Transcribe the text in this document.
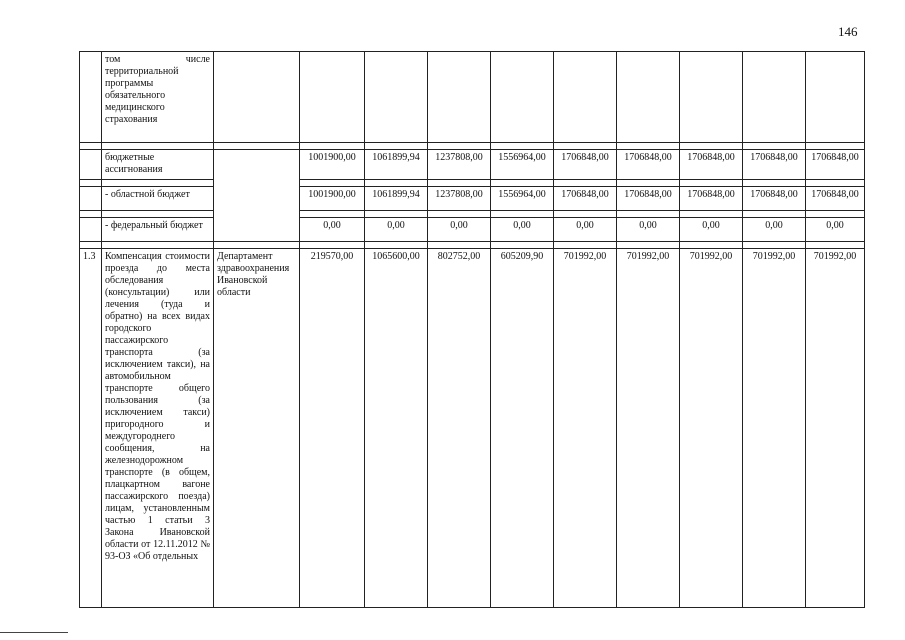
146
	том числе территориальной программы обязательного медицинского страхования										

	бюджетные ассигнования		1001900,00	1061899,94	1237808,00	1556964,00	1706848,00	1706848,00	1706848,00	1706848,00	1706848,00

	- областной бюджет		1001900,00	1061899,94	1237808,00	1556964,00	1706848,00	1706848,00	1706848,00	1706848,00	1706848,00

	- федеральный бюджет		0,00	0,00	0,00	0,00	0,00	0,00	0,00	0,00	0,00

1.3	Компенсация стоимости проезда до места обследования (консультации) или лечения (туда и обратно) на всех видах городского пассажирского транспорта (за исключением такси), на автомобильном транспорте общего пользования (за исключением такси) пригородного и междугороднего сообщения, на железнодорожном транспорте (в общем, плацкартном вагоне пассажирского поезда) лицам, установленным частью 1 статьи 3 Закона Ивановской области от 12.11.2012 № 93-ОЗ «Об отдельных	Департамент здравоохранения Ивановской области	219570,00	1065600,00	802752,00	605209,90	701992,00	701992,00	701992,00	701992,00	701992,00
